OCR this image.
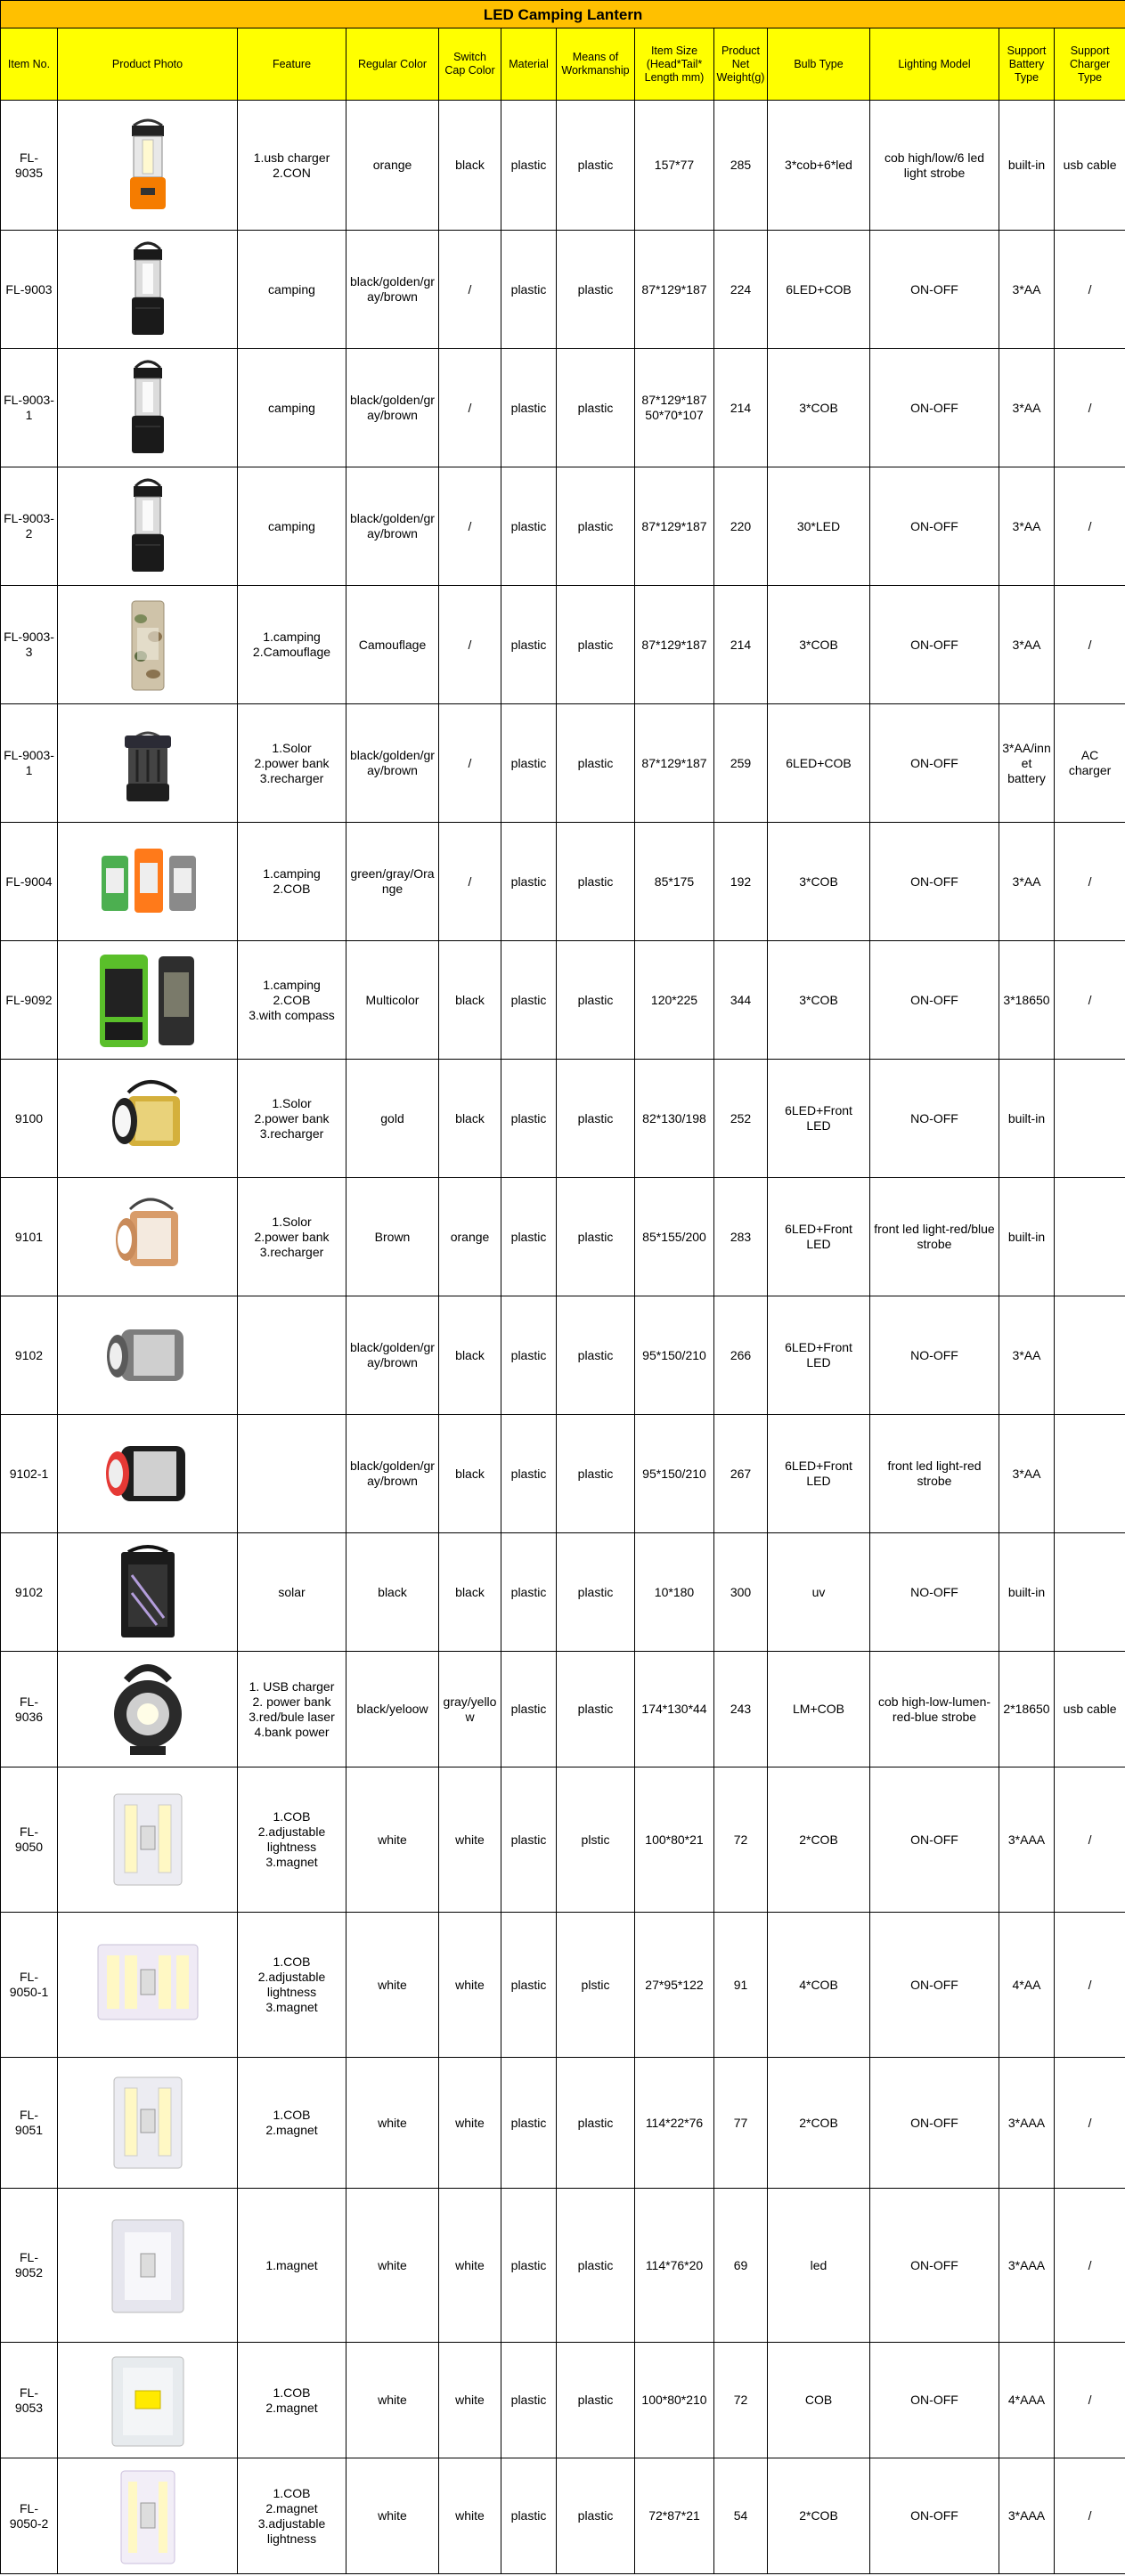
LED Camping Lantern												
Item No.	Product Photo	Feature	Regular Color	Switch
Cap Color	Material	Means of
Workmanship	Item Size
(Head*Tail*
Length mm)	Product
Net
Weight(g)	Bulb Type	Lighting Model	Support
Battery
Type	Support
Charger
Type
FL-
9035		1.usb charger
2.CON	orange	black	plastic	plastic	157*77	285	3*cob+6*led	cob high/low/6 led
light strobe	built-in	usb cable
FL-9003		camping	black/golden/gr
ay/brown	/	plastic	plastic	87*129*187	224	6LED+COB	ON-OFF	3*AA	/
FL-9003-
1		camping	black/golden/gr
ay/brown	/	plastic	plastic	87*129*187
50*70*107	214	3*COB	ON-OFF	3*AA	/
FL-9003-
2		camping	black/golden/gr
ay/brown	/	plastic	plastic	87*129*187	220	30*LED	ON-OFF	3*AA	/
FL-9003-
3		1.camping
2.Camouflage	Camouflage	/	plastic	plastic	87*129*187	214	3*COB	ON-OFF	3*AA	/
FL-9003-
1		1.Solor
2.power bank
3.recharger	black/golden/gr
ay/brown	/	plastic	plastic	87*129*187	259	6LED+COB	ON-OFF	3*AA/inn
et
battery	AC
charger
FL-9004		1.camping
2.COB	green/gray/Ora
nge	/	plastic	plastic	85*175	192	3*COB	ON-OFF	3*AA	/
FL-9092		1.camping
2.COB
3.with compass	Multicolor	black	plastic	plastic	120*225	344	3*COB	ON-OFF	3*18650	/
9100		1.Solor
2.power bank
3.recharger	gold	black	plastic	plastic	82*130/198	252	6LED+Front
LED	NO-OFF	built-in	
9101		1.Solor
2.power bank
3.recharger	Brown	orange	plastic	plastic	85*155/200	283	6LED+Front
LED	front led light-red/blue
strobe	built-in	
9102			black/golden/gr
ay/brown	black	plastic	plastic	95*150/210	266	6LED+Front
LED	NO-OFF	3*AA	
9102-1			black/golden/gr
ay/brown	black	plastic	plastic	95*150/210	267	6LED+Front
LED	front led light-red
strobe	3*AA	
9102		solar	black	black	plastic	plastic	10*180	300	uv	NO-OFF	built-in	
FL-
9036		1. USB charger
2. power bank
3.red/bule laser
4.bank power	black/yeloow	gray/yello
w	plastic	plastic	174*130*44	243	LM+COB	cob high-low-lumen-
red-blue strobe	2*18650	usb cable
FL-
9050		1.COB
2.adjustable
lightness
3.magnet	white	white	plastic	plstic	100*80*21	72	2*COB	ON-OFF	3*AAA	/
FL-
9050-1		1.COB
2.adjustable
lightness
3.magnet	white	white	plastic	plstic	27*95*122	91	4*COB	ON-OFF	4*AA	/
FL-
9051		1.COB
2.magnet	white	white	plastic	plastic	114*22*76	77	2*COB	ON-OFF	3*AAA	/
FL-
9052		1.magnet	white	white	plastic	plastic	114*76*20	69	led	ON-OFF	3*AAA	/
FL-
9053		1.COB
2.magnet	white	white	plastic	plastic	100*80*210	72	COB	ON-OFF	4*AAA	/
FL-
9050-2		1.COB
2.magnet
3.adjustable
lightness	white	white	plastic	plastic	72*87*21	54	2*COB	ON-OFF	3*AAA	/
